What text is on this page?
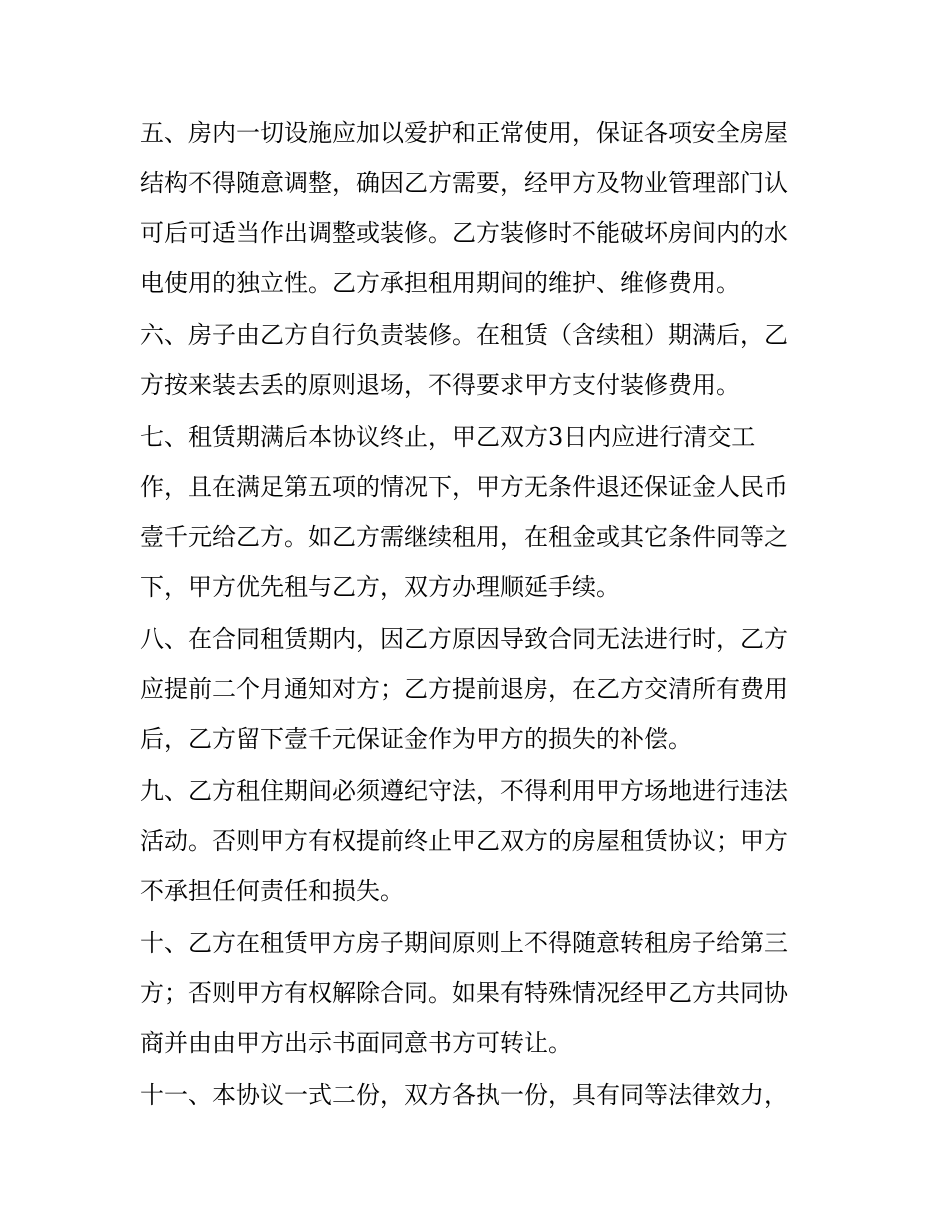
五、房内一切设施应加以爱护和正常使用，保证各项安全房屋
结构不得随意调整，确因乙方需要，经甲方及物业管理部门认
可后可适当作出调整或装修。乙方装修时不能破坏房间内的水
电使用的独立性。乙方承担租用期间的维护、维修费用。
六、房子由乙方自行负责装修。在租赁（含续租）期满后，乙
方按来装去丢的原则退场，不得要求甲方支付装修费用。
七、租赁期满后本协议终止，甲乙双方3日内应进行清交工
作，且在满足第五项的情况下，甲方无条件退还保证金人民币
壹千元给乙方。如乙方需继续租用，在租金或其它条件同等之
下，甲方优先租与乙方，双方办理顺延手续。
八、在合同租赁期内，因乙方原因导致合同无法进行时，乙方
应提前二个月通知对方；乙方提前退房，在乙方交清所有费用
后，乙方留下壹千元保证金作为甲方的损失的补偿。
九、乙方租住期间必须遵纪守法，不得利用甲方场地进行违法
活动。否则甲方有权提前终止甲乙双方的房屋租赁协议；甲方
不承担任何责任和损失。
十、乙方在租赁甲方房子期间原则上不得随意转租房子给第三
方；否则甲方有权解除合同。如果有特殊情况经甲乙方共同协
商并由由甲方出示书面同意书方可转让。
十一、本协议一式二份，双方各执一份，具有同等法律效力，
